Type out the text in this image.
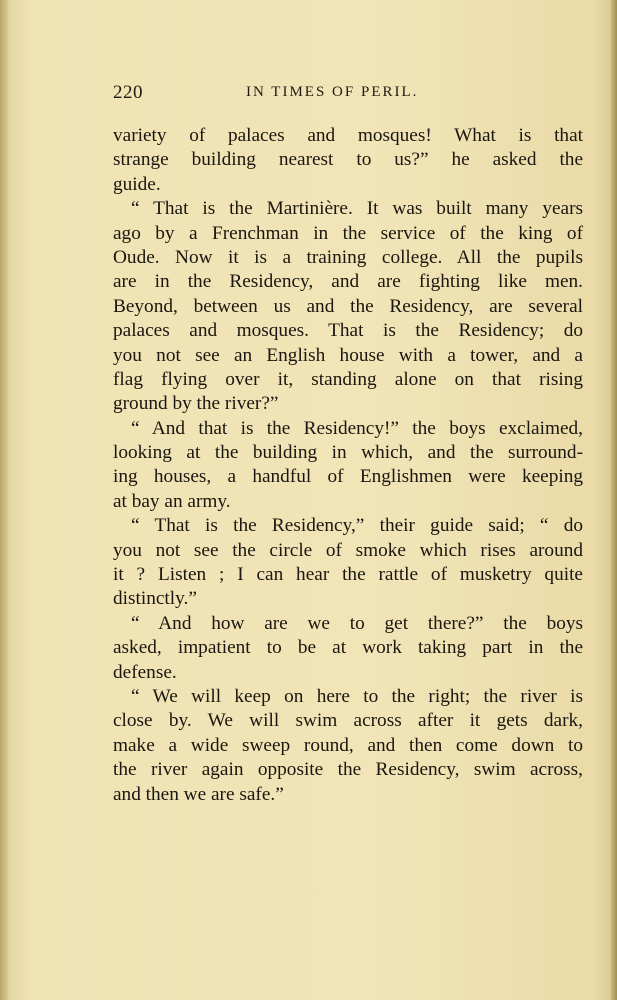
220	IN TIMES OF PERIL.
variety of palaces and mosques! What is that
strange building nearest to us?” he asked the
guide.
“ That is the Martinière. It was built many years
ago by a Frenchman in the service of the king of
Oude. Now it is a training college. All the pupils
are in the Residency, and are fighting like men.
Beyond, between us and the Residency, are several
palaces and mosques. That is the Residency; do
you not see an English house with a tower, and a
flag flying over it, standing alone on that rising
ground by the river?”
“ And that is the Residency!” the boys exclaimed,
looking at the building in which, and the surround-
ing houses, a handful of Englishmen were keeping
at bay an army.
“ That is the Residency,” their guide said; “ do
you not see the circle of smoke which rises around
it ? Listen ; I can hear the rattle of musketry quite
distinctly.”
“ And how are we to get there?” the boys
asked, impatient to be at work taking part in the
defense.
“ We will keep on here to the right; the river is
close by. We will swim across after it gets dark,
make a wide sweep round, and then come down to
the river again opposite the Residency, swim across,
and then we are safe.”
